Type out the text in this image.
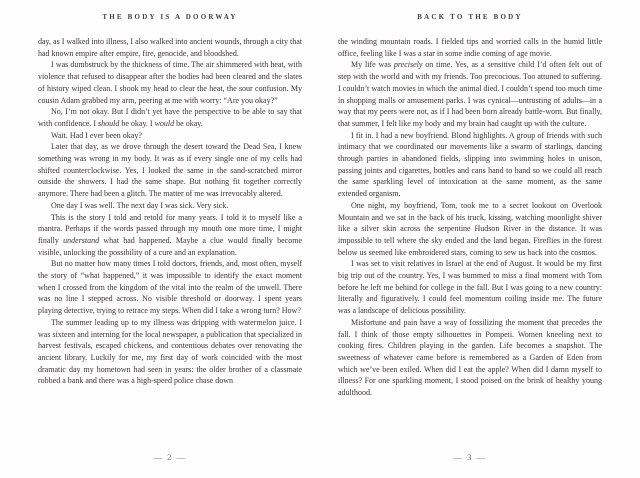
THE BODY IS A DOORWAY

day, as I walked into illness, I also walked into ancient wounds, through a city that had known empire after empire, fire, genocide, and bloodshed.

I was dumbstruck by the thickness of time. The air shimmered with heat, with violence that refused to disappear after the bodies had been cleared and the slates of history wiped clean. I shook my head to clear the heat, the sour confusion. My cousin Adam grabbed my arm, peering at me with worry: “Are you okay?”

No, I’m not okay. But I didn’t yet have the perspective to be able to say that with confidence. I should be okay. I would be okay.

Wait. Had I ever been okay?

Later that day, as we drove through the desert toward the Dead Sea, I knew something was wrong in my body. It was as if every single one of my cells had shifted counterclockwise. Yes, I looked the same in the sand-scratched mirror outside the showers. I had the same shape. But nothing fit together correctly anymore. There had been a glitch. The matter of me was irrevocably altered.

One day I was well. The next day I was sick. Very sick.

This is the story I told and retold for many years. I told it to myself like a mantra. Perhaps if the words passed through my mouth one more time, I might finally understand what had happened. Maybe a clue would finally become visible, unlocking the possibility of a cure and an explanation.

But no matter how many times I told doctors, friends, and, most often, myself the story of “what happened,” it was impossible to identify the exact moment when I crossed from the kingdom of the vital into the realm of the unwell. There was no line I stepped across. No visible threshold or doorway. I spent years playing detective, trying to retrace my steps. When did I take a wrong turn? How?

The summer leading up to my illness was dripping with watermelon juice. I was sixteen and interning for the local newspaper, a publication that specialized in harvest festivals, escaped chickens, and contentious debates over renovating the ancient library. Luckily for me, my first day of work coincided with the most dramatic day my hometown had seen in years: the older brother of a classmate robbed a bank and there was a high-speed police chase down

— 2 —
BACK TO THE BODY

the winding mountain roads. I fielded tips and worried calls in the humid little office, feeling like I was a star in some indie coming of age movie.

My life was precisely on time. Yes, as a sensitive child I’d often felt out of step with the world and with my friends. Too precocious. Too attuned to suffering. I couldn’t watch movies in which the animal died. I couldn’t spend too much time in shopping malls or amusement parks. I was cynical—untrusting of adults—in a way that my peers were not, as if I had been born already battle-worn. But finally, that summer, I felt like my body and my brain had caught up with the culture.

I fit in. I had a new boyfriend. Blond highlights. A group of friends with such intimacy that we coordinated our movements like a swarm of starlings, dancing through parties in abandoned fields, slipping into swimming holes in unison, passing joints and cigarettes, bottles and cans hand to hand so we could all reach the same sparkling level of intoxication at the same moment, as the same extended organism.

One night, my boyfriend, Tom, took me to a secret lookout on Overlook Mountain and we sat in the back of his truck, kissing, watching moonlight shiver like a silver skin across the serpentine Hudson River in the distance. It was impossible to tell where the sky ended and the land began. Fireflies in the forest below us seemed like embroidered stars, coming to sew us back into the cosmos.

I was set to visit relatives in Israel at the end of August. It would be my first big trip out of the country. Yes, I was bummed to miss a final moment with Tom before he left me behind for college in the fall. But I was going to a new country: literally and figuratively. I could feel momentum coiling inside me. The future was a landscape of delicious possibility.

Misfortune and pain have a way of fossilizing the moment that precedes the fall. I think of those empty silhouettes in Pompeii. Women kneeling next to cooking fires. Children playing in the garden. Life becomes a snapshot. The sweetness of whatever came before is remembered as a Garden of Eden from which we’ve been exiled. When did I eat the apple? When did I damn myself to illness? For one sparkling moment, I stood poised on the brink of healthy young adulthood.

— 3 —
